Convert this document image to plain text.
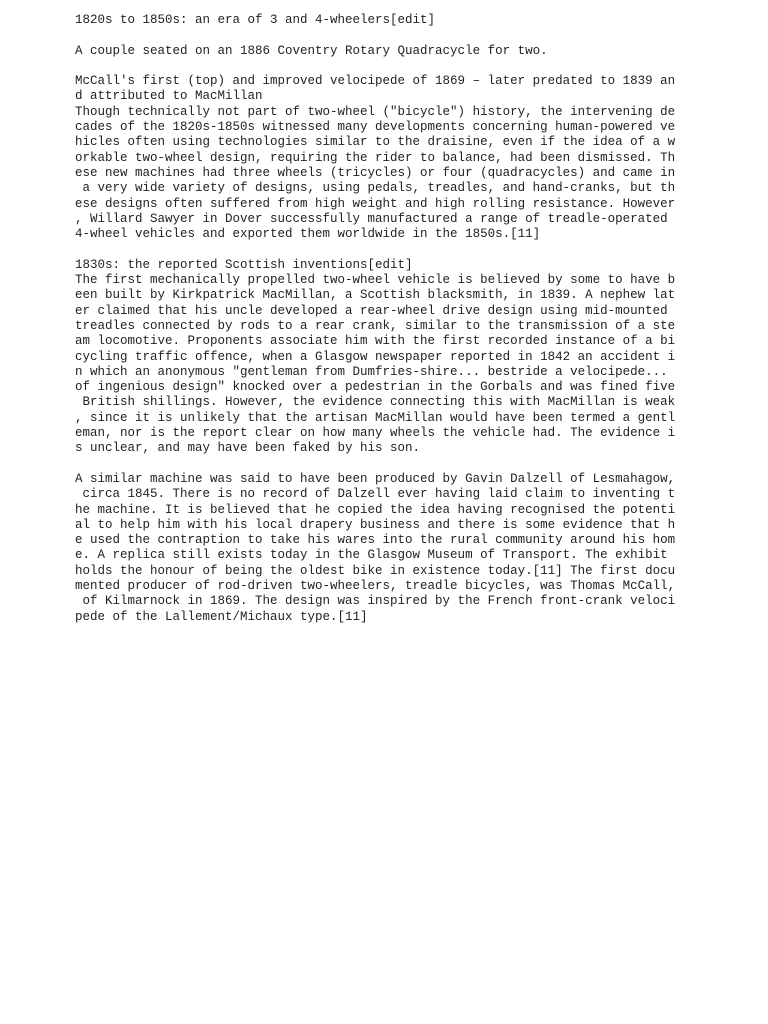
1820s to 1850s: an era of 3 and 4-wheelers[edit]
A couple seated on an 1886 Coventry Rotary Quadracycle for two.
McCall's first (top) and improved velocipede of 1869 – later predated to 1839 an
d attributed to MacMillan
Though technically not part of two-wheel ("bicycle") history, the intervening de
cades of the 1820s-1850s witnessed many developments concerning human-powered ve
hicles often using technologies similar to the draisine, even if the idea of a w
orkable two-wheel design, requiring the rider to balance, had been dismissed. Th
ese new machines had three wheels (tricycles) or four (quadracycles) and came in
a very wide variety of designs, using pedals, treadles, and hand-cranks, but th
ese designs often suffered from high weight and high rolling resistance. However
, Willard Sawyer in Dover successfully manufactured a range of treadle-operated
4-wheel vehicles and exported them worldwide in the 1850s.[11]
1830s: the reported Scottish inventions[edit]
The first mechanically propelled two-wheel vehicle is believed by some to have b
een built by Kirkpatrick MacMillan, a Scottish blacksmith, in 1839. A nephew lat
er claimed that his uncle developed a rear-wheel drive design using mid-mounted
treadles connected by rods to a rear crank, similar to the transmission of a ste
am locomotive. Proponents associate him with the first recorded instance of a bi
cycling traffic offence, when a Glasgow newspaper reported in 1842 an accident i
n which an anonymous "gentleman from Dumfries-shire... bestride a velocipede...
of ingenious design" knocked over a pedestrian in the Gorbals and was fined five
British shillings. However, the evidence connecting this with MacMillan is weak
, since it is unlikely that the artisan MacMillan would have been termed a gentl
eman, nor is the report clear on how many wheels the vehicle had. The evidence i
s unclear, and may have been faked by his son.
A similar machine was said to have been produced by Gavin Dalzell of Lesmahagow,
circa 1845. There is no record of Dalzell ever having laid claim to inventing t
he machine. It is believed that he copied the idea having recognised the potenti
al to help him with his local drapery business and there is some evidence that h
e used the contraption to take his wares into the rural community around his hom
e. A replica still exists today in the Glasgow Museum of Transport. The exhibit
holds the honour of being the oldest bike in existence today.[11] The first docu
mented producer of rod-driven two-wheelers, treadle bicycles, was Thomas McCall,
of Kilmarnock in 1869. The design was inspired by the French front-crank veloci
pede of the Lallement/Michaux type.[11]
